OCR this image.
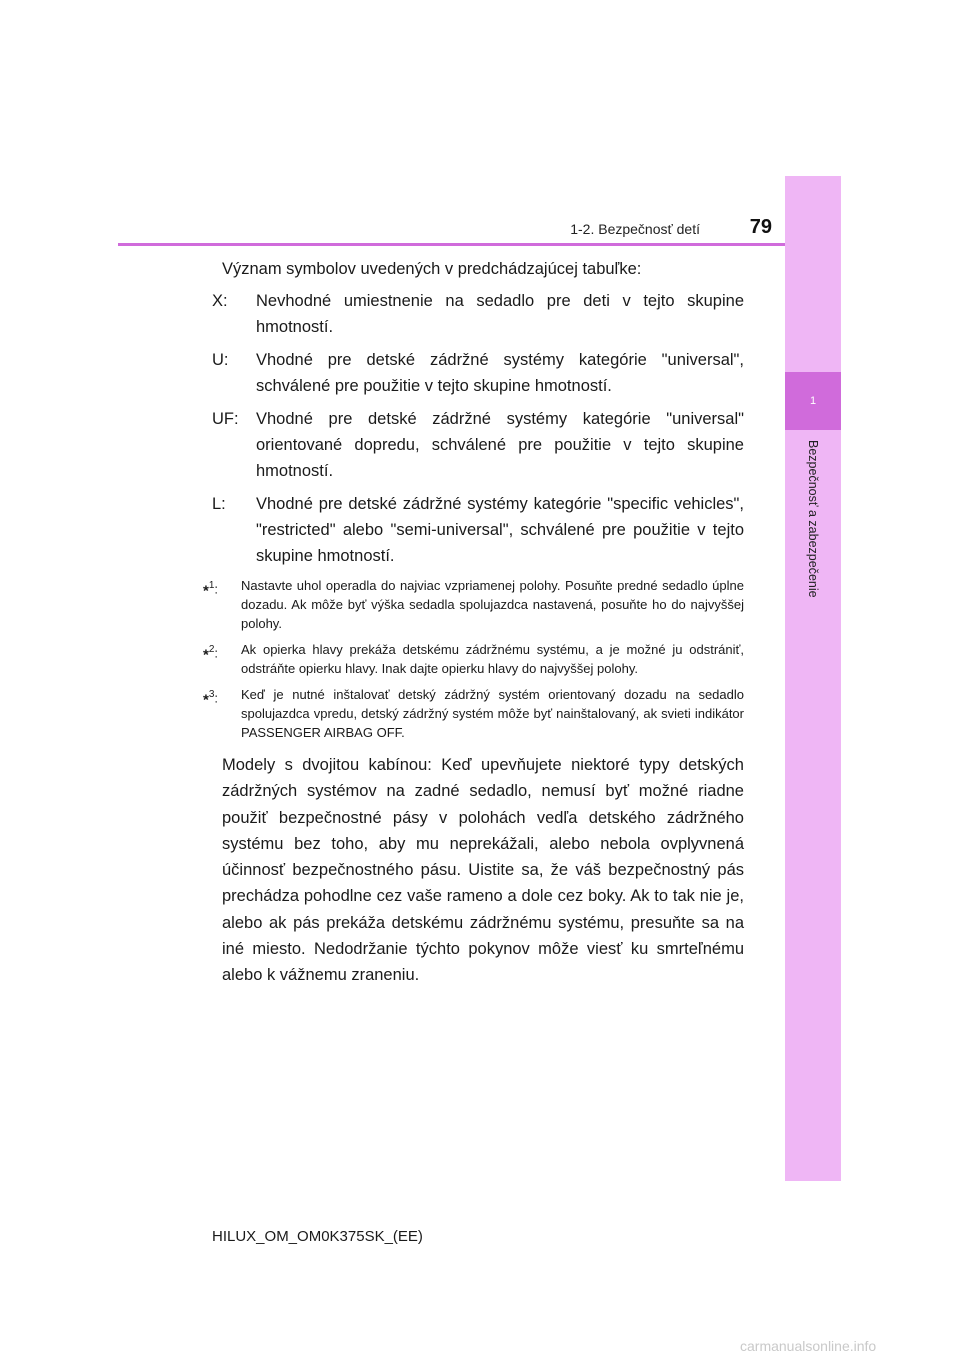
1
Bezpečnosť a zabezpečenie
1-2. Bezpečnosť detí	79

Význam symbolov uvedených v predchádzajúcej tabuľke:

X:	Nevhodné umiestnenie na sedadlo pre deti v tejto skupine hmotností.
U:	Vhodné pre detské zádržné systémy kategórie "universal", schválené pre použitie v tejto skupine hmotností.
UF:	Vhodné pre detské zádržné systémy kategórie "universal" orientované dopredu, schválené pre použitie v tejto skupine hmotností.
L:	Vhodné pre detské zádržné systémy kategórie "specific vehicles", "restricted" alebo "semi-universal", schválené pre použitie v tejto skupine hmotností.
*$^1$:	Nastavte uhol operadla do najviac vzpriamenej polohy. Posuňte predné sedadlo úplne dozadu. Ak môže byť výška sedadla spolujazdca nastavená, posuňte ho do najvyššej polohy.
*$^2$:	Ak opierka hlavy prekáža detskému zádržnému systému, a je možné ju odstrániť, odstráňte opierku hlavy. Inak dajte opierku hlavy do najvyššej polohy.
*$^3$:	Keď je nutné inštalovať detský zádržný systém orientovaný dozadu na sedadlo spolujazdca vpredu, detský zádržný systém môže byť nainštalovaný, ak svieti indikátor PASSENGER AIRBAG OFF.

Modely s dvojitou kabínou: Keď upevňujete niektoré typy detských zádržných systémov na zadné sedadlo, nemusí byť možné riadne použiť bezpečnostné pásy v polohách vedľa detského zádržného systému bez toho, aby mu neprekážali, alebo nebola ovplyvnená účinnosť bezpečnostného pásu. Uistite sa, že váš bezpečnostný pás prechádza pohodlne cez vaše rameno a dole cez boky. Ak to tak nie je, alebo ak pás prekáža detskému zádržnému systému, presuňte sa na iné miesto. Nedodržanie týchto pokynov môže viesť ku smrteľnému alebo k vážnemu zraneniu.

HILUX_OM_OM0K375SK_(EE)
carmanualsonline.info
